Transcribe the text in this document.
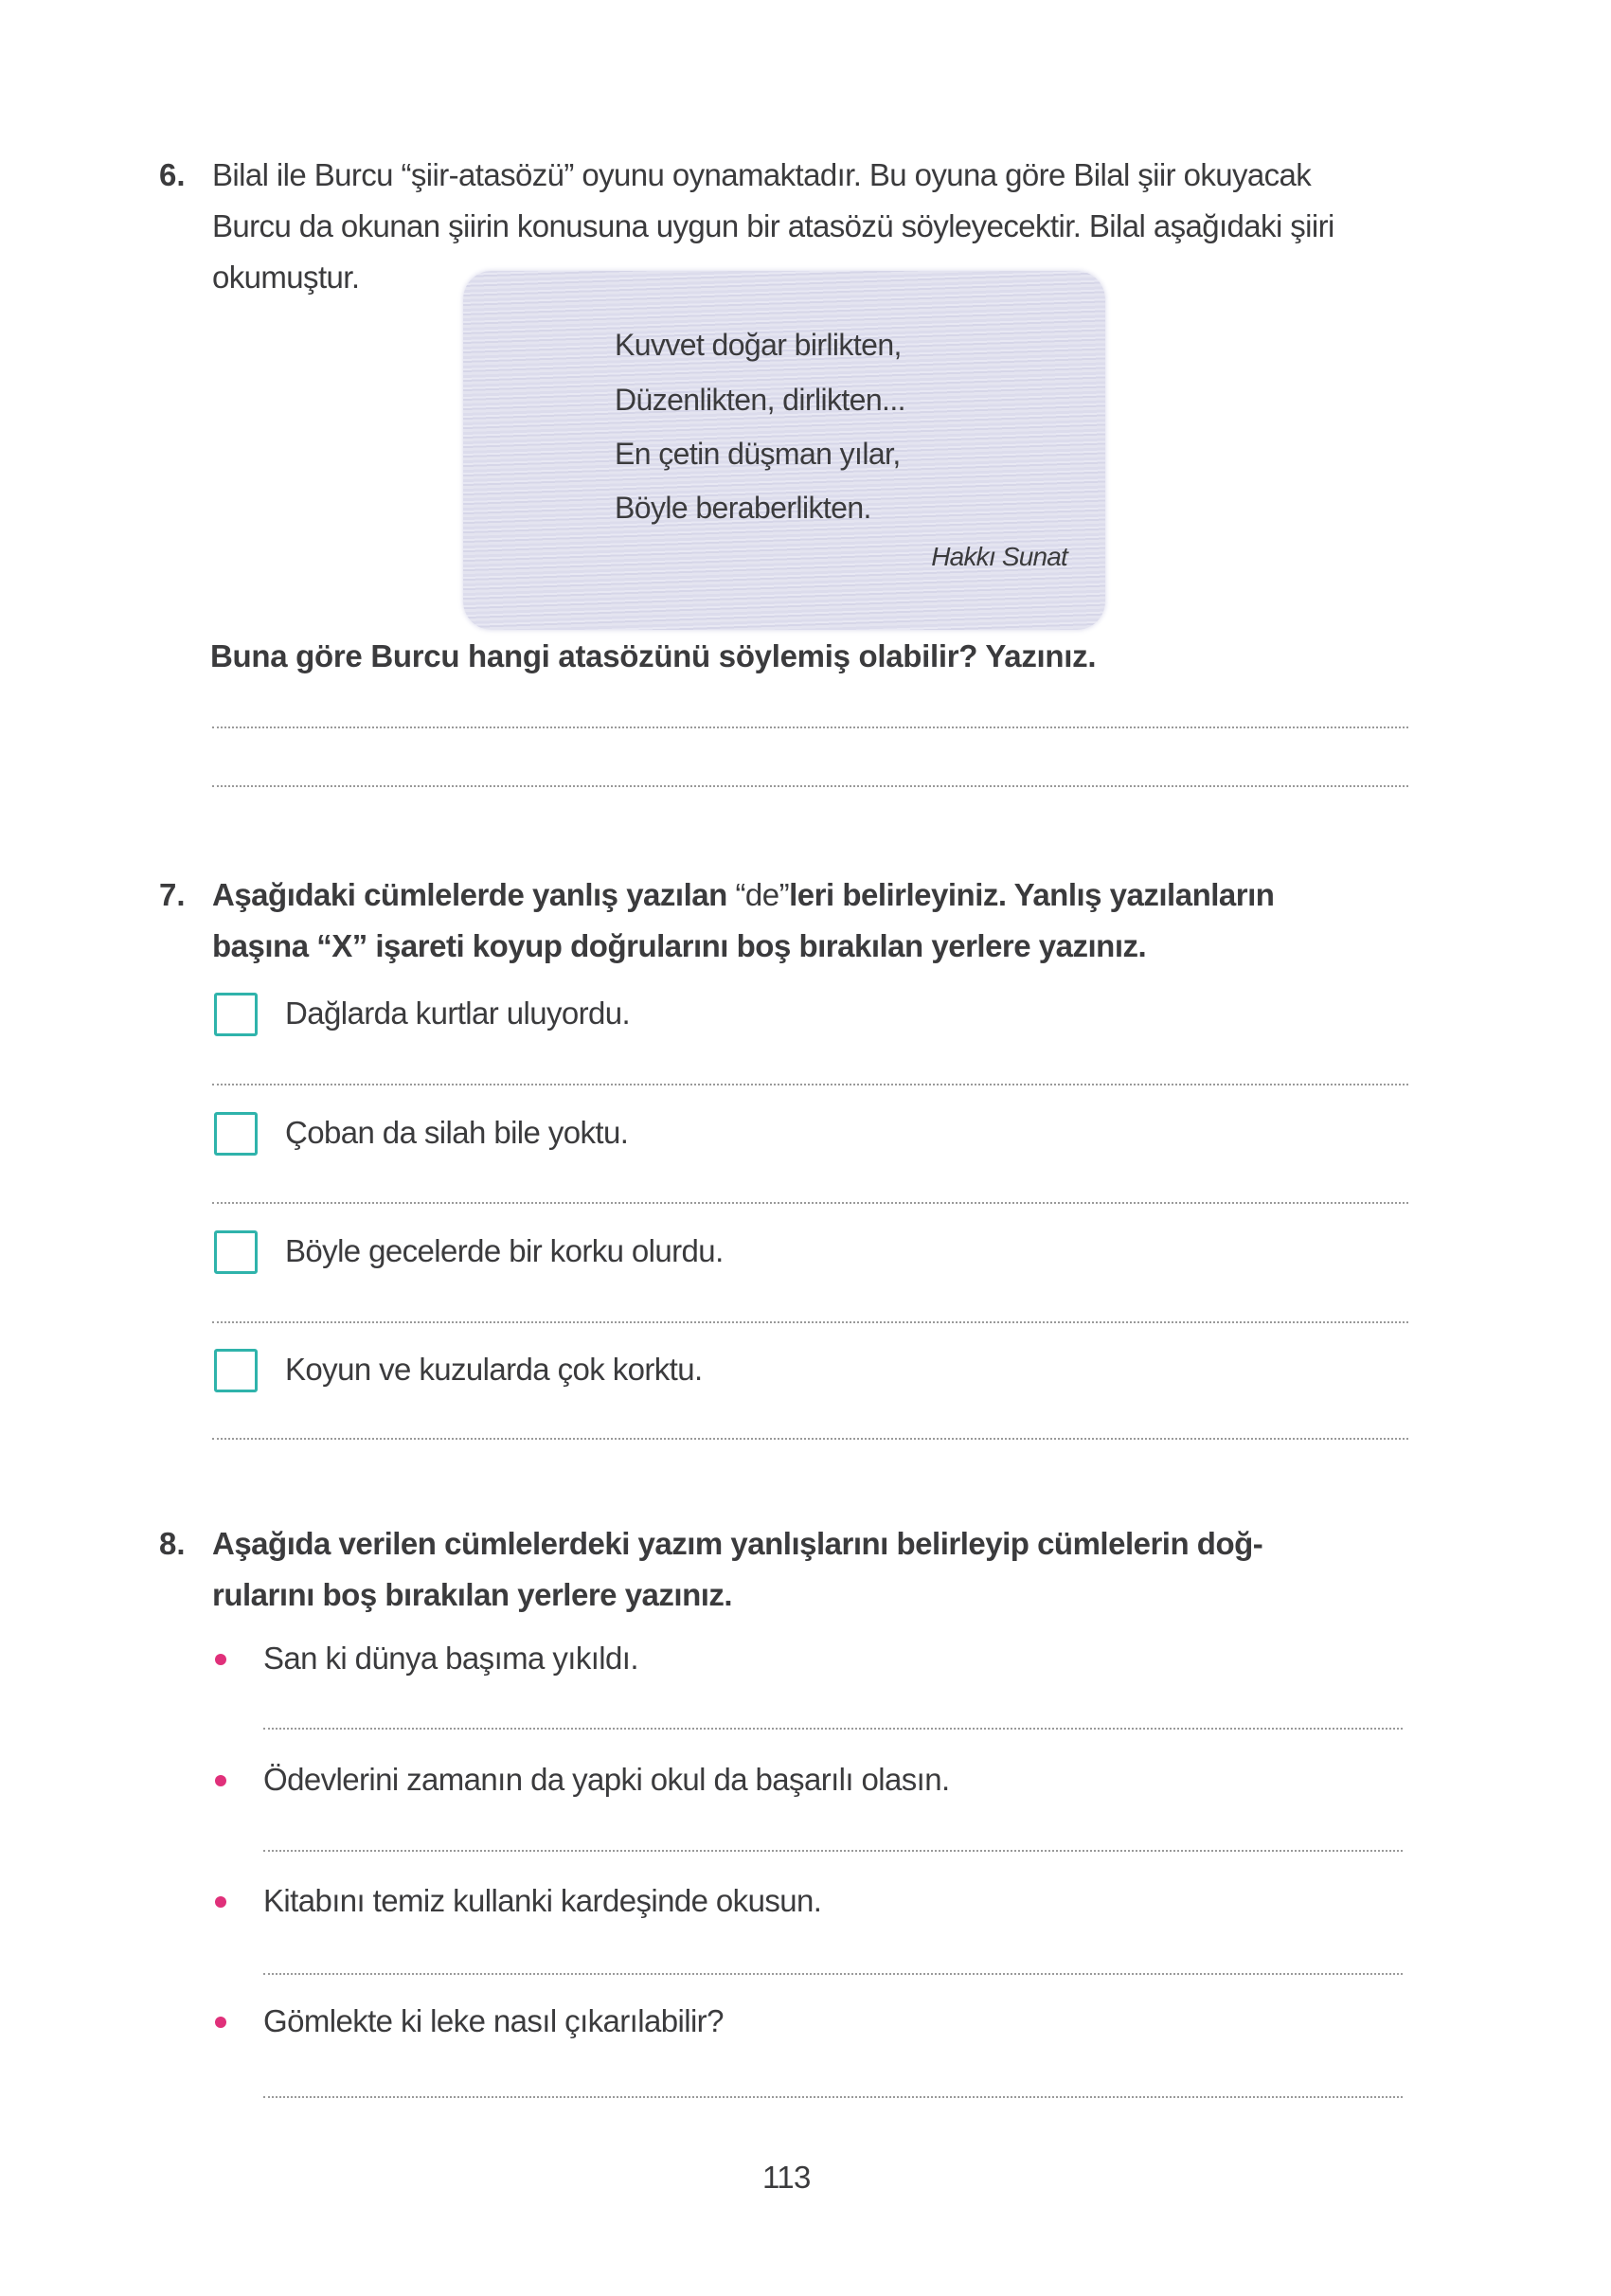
6. Bilal ile Burcu “şiir-atasözü” oyunu oynamaktadır. Bu oyuna göre Bilal şiir okuyacak
Burcu da okunan şiirin konusuna uygun bir atasözü söyleyecektir. Bilal aşağıdaki şiiri
okumuştur.
Kuvvet doğar birlikten,
Düzenlikten, dirlikten...
En çetin düşman yılar,
Böyle beraberlikten.
Hakkı Sunat
Buna göre Burcu hangi atasözünü söylemiş olabilir? Yazınız.
7. Aşağıdaki cümlelerde yanlış yazılan “de”leri belirleyiniz. Yanlış yazılanların
başına “X” işareti koyup doğrularını boş bırakılan yerlere yazınız.
Dağlarda kurtlar uluyordu.
Çoban da silah bile yoktu.
Böyle gecelerde bir korku olurdu.
Koyun ve kuzularda çok korktu.
8. Aşağıda verilen cümlelerdeki yazım yanlışlarını belirleyip cümlelerin doğ-
rularını boş bırakılan yerlere yazınız.
San ki dünya başıma yıkıldı.
Ödevlerini zamanın da yapki okul da başarılı olasın.
Kitabını temiz kullanki kardeşinde okusun.
Gömlekte ki leke nasıl çıkarılabilir?
113
